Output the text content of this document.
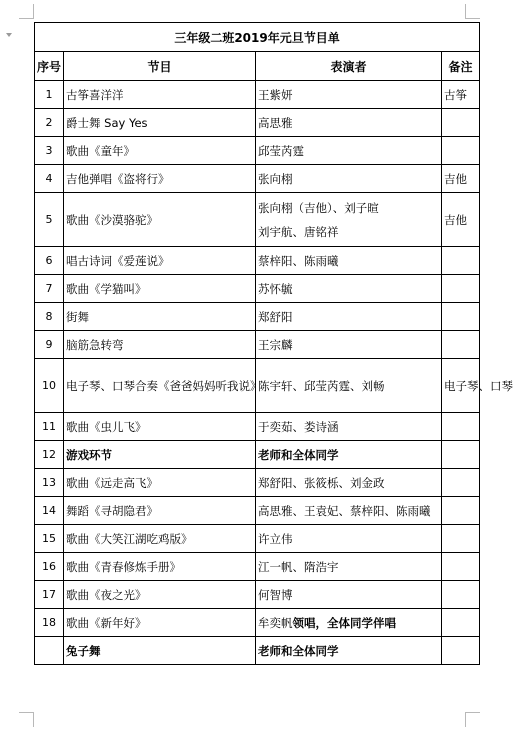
三年级二班2019年元旦节目单			
序号	节目	表演者	备注
1	古筝喜洋洋	王紫妍	古筝
2	爵士舞 Say Yes	高思雅	

3	歌曲《童年》	邱莹芮霆	

4	吉他弹唱《盗将行》	张向栩	吉他
5	歌曲《沙漠骆驼》	张向栩（吉他）、刘子暄
刘宇航、唐铭祥	吉他
6	唱古诗词《爱莲说》	蔡梓阳、陈雨曦	

7	歌曲《学猫叫》	苏怀毓	

8	街舞	郑舒阳	

9	脑筋急转弯	王宗麟	

10	电子琴、口琴合奏《爸爸妈妈听我说》	陈宇轩、邱莹芮霆、刘畅	电子琴、口琴
11	歌曲《虫儿飞》	于奕茹、娄诗涵	

12	游戏环节	老师和全体同学	

13	歌曲《远走高飞》	郑舒阳、张筱栎、刘金政	

14	舞蹈《寻胡隐君》	高思雅、王袁妃、蔡梓阳、陈雨曦	

15	歌曲《大笑江湖吃鸡版》	许立伟	

16	歌曲《青春修炼手册》	江一帆、隋浩宇	

17	歌曲《夜之光》	何智博	

18	歌曲《新年好》	牟奕帆领唱，全体同学伴唱	

	兔子舞	老师和全体同学	
